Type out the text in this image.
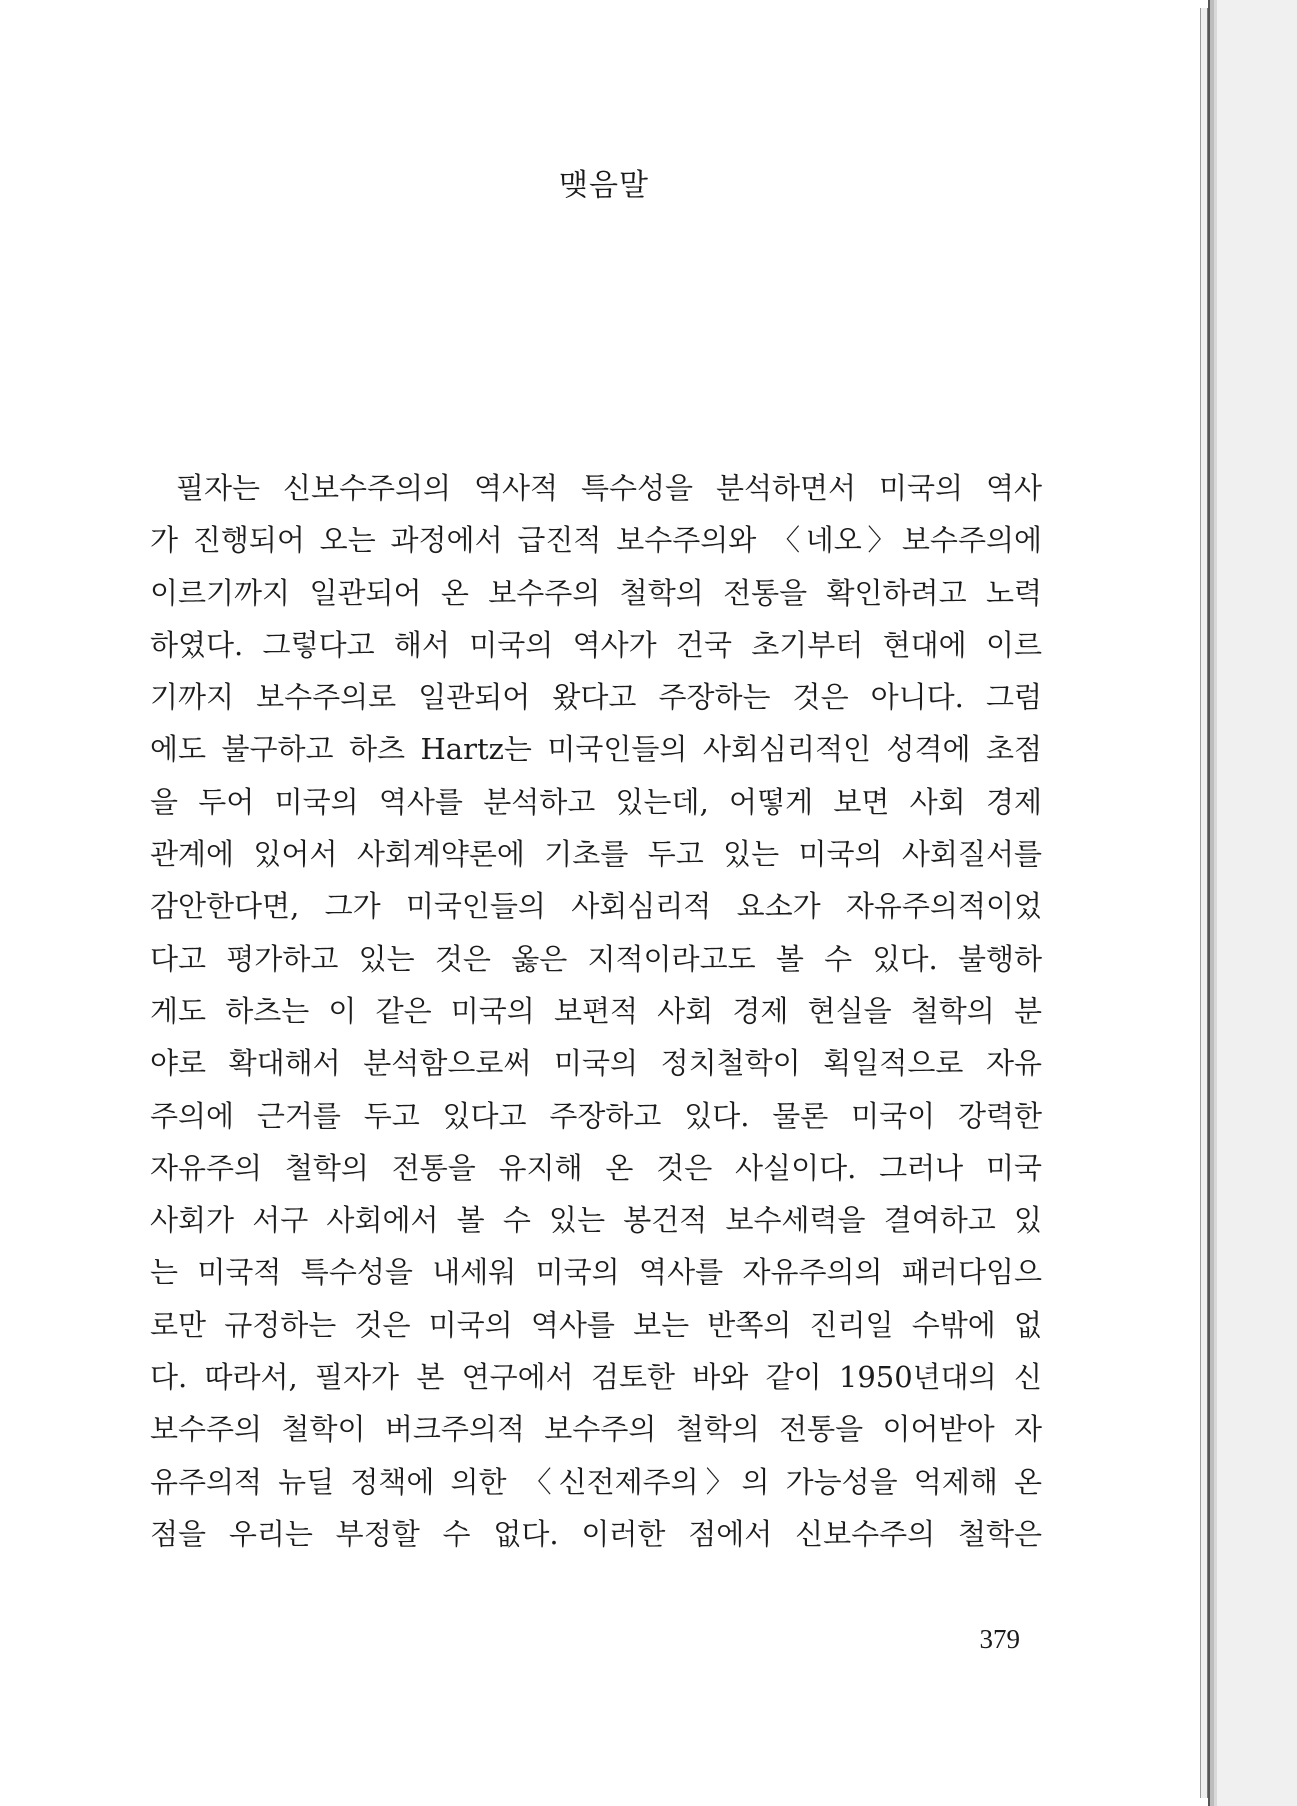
맺음말
필자는 신보수주의의 역사적 특수성을 분석하면서 미국의 역사
가 진행되어 오는 과정에서 급진적 보수주의와 〈네오〉보수주의에
이르기까지 일관되어 온 보수주의 철학의 전통을 확인하려고 노력
하였다. 그렇다고 해서 미국의 역사가 건국 초기부터 현대에 이르
기까지 보수주의로 일관되어 왔다고 주장하는 것은 아니다. 그럼
에도 불구하고 하츠 Hartz는 미국인들의 사회심리적인 성격에 초점
을 두어 미국의 역사를 분석하고 있는데, 어떻게 보면 사회 경제
관계에 있어서 사회계약론에 기초를 두고 있는 미국의 사회질서를
감안한다면, 그가 미국인들의 사회심리적 요소가 자유주의적이었
다고 평가하고 있는 것은 옳은 지적이라고도 볼 수 있다. 불행하
게도 하츠는 이 같은 미국의 보편적 사회 경제 현실을 철학의 분
야로 확대해서 분석함으로써 미국의 정치철학이 획일적으로 자유
주의에 근거를 두고 있다고 주장하고 있다. 물론 미국이 강력한
자유주의 철학의 전통을 유지해 온 것은 사실이다. 그러나 미국
사회가 서구 사회에서 볼 수 있는 봉건적 보수세력을 결여하고 있
는 미국적 특수성을 내세워 미국의 역사를 자유주의의 패러다임으
로만 규정하는 것은 미국의 역사를 보는 반쪽의 진리일 수밖에 없
다. 따라서, 필자가 본 연구에서 검토한 바와 같이 1950년대의 신
보수주의 철학이 버크주의적 보수주의 철학의 전통을 이어받아 자
유주의적 뉴딜 정책에 의한 〈신전제주의〉의 가능성을 억제해 온
점을 우리는 부정할 수 없다. 이러한 점에서 신보수주의 철학은
379
